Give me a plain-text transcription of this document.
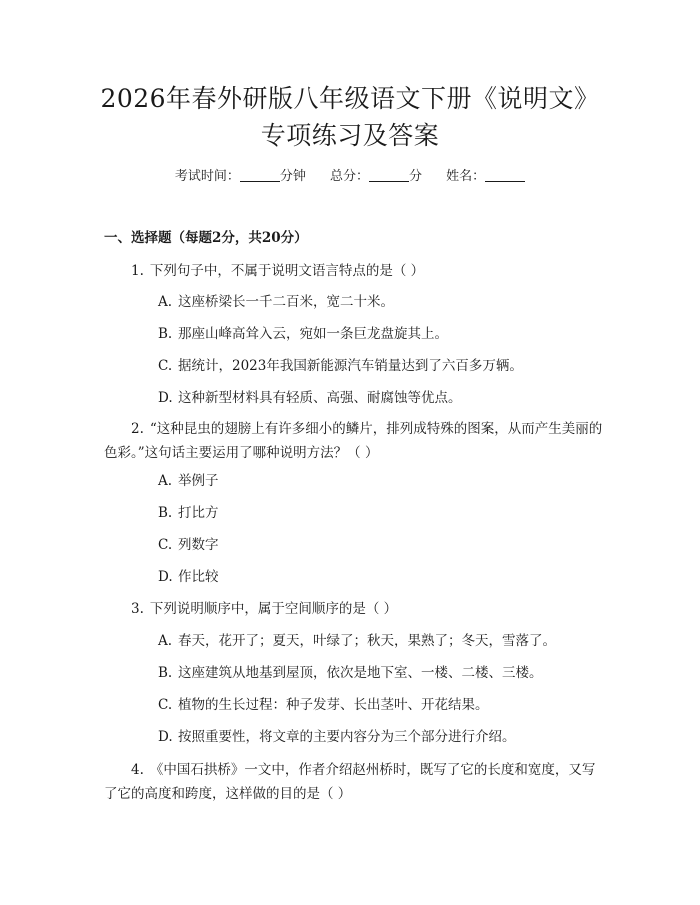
2026年春外研版八年级语文下册《说明文》
专项练习及答案
考试时间：	分钟 总分：	分 姓名：
一、选择题（每题2分，共20分）
1. 下列句子中，不属于说明文语言特点的是（ ）
A. 这座桥梁长一千二百米，宽二十米。
B. 那座山峰高耸入云，宛如一条巨龙盘旋其上。
C. 据统计，2023年我国新能源汽车销量达到了六百多万辆。
D. 这种新型材料具有轻质、高强、耐腐蚀等优点。
2. “这种昆虫的翅膀上有许多细小的鳞片，排列成特殊的图案，从而产生美丽的色彩。”这句话主要运用了哪种说明方法？（ ）
A. 举例子
B. 打比方
C. 列数字
D. 作比较
3. 下列说明顺序中，属于空间顺序的是（ ）
A. 春天，花开了；夏天，叶绿了；秋天，果熟了；冬天，雪落了。
B. 这座建筑从地基到屋顶，依次是地下室、一楼、二楼、三楼。
C. 植物的生长过程：种子发芽、长出茎叶、开花结果。
D. 按照重要性，将文章的主要内容分为三个部分进行介绍。
4. 《中国石拱桥》一文中，作者介绍赵州桥时，既写了它的长度和宽度，又写了它的高度和跨度，这样做的目的是（ ）
